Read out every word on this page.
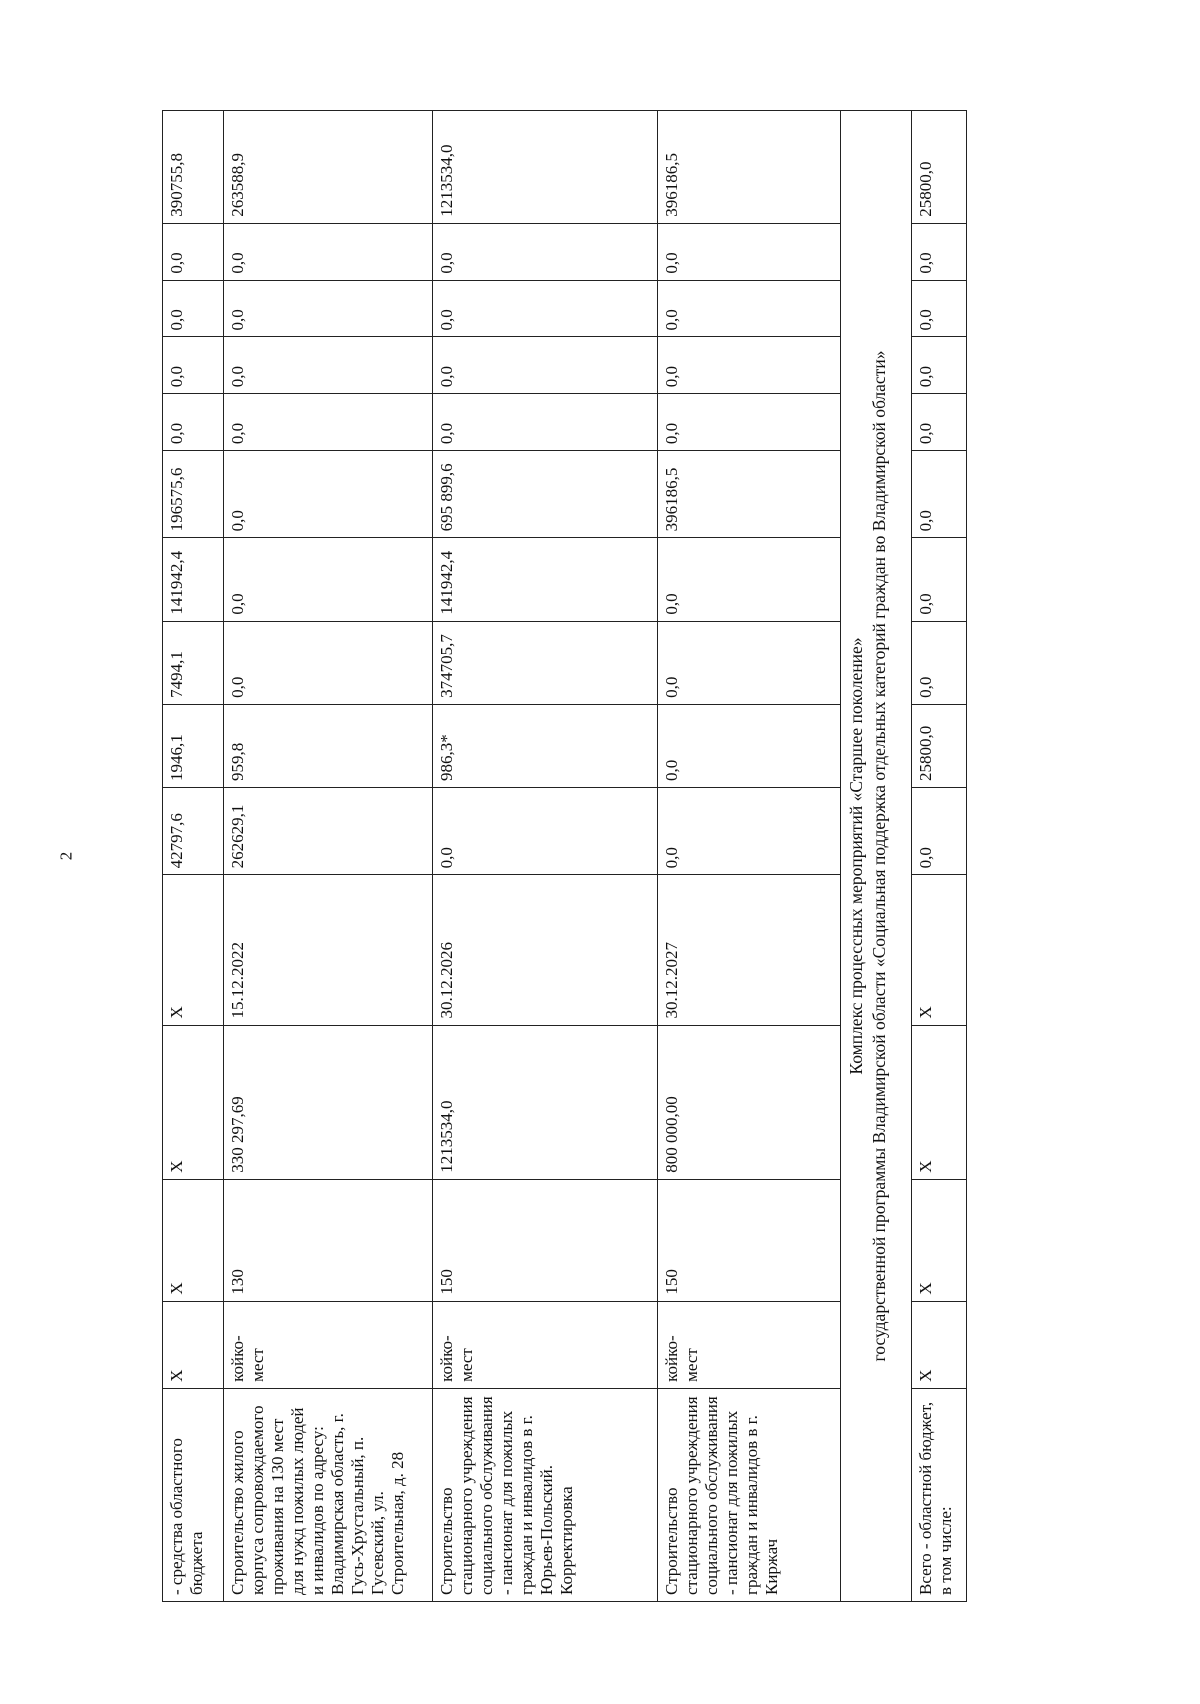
2
- средства областного бюджета	Х	Х	Х	Х	42797,6	1946,1	7494,1	141942,4	196575,6	0,0	0,0	0,0	0,0	390755,8
Строительство жилого корпуса сопровождаемого проживания на 130 мест для нужд пожилых людей и инвалидов по адресу: Владимирская область, г. Гусь-Хрустальный, п. Гусевский, ул. Строительная, д. 28	койко-мест	130	330 297,69	15.12.2022	262629,1	959,8	0,0	0,0	0,0	0,0	0,0	0,0	0,0	263588,9
Строительство стационарного учреждения социального обслуживания - пансионат для пожилых граждан и инвалидов в г. Юрьев-Польский. Корректировка	койко-мест	150	1213534,0	30.12.2026	0,0	986,3*	374705,7	141942,4	695 899,6	0,0	0,0	0,0	0,0	1213534,0
Строительство стационарного учреждения социального обслуживания - пансионат для пожилых граждан и инвалидов в г. Киржач	койко-мест	150	800 000,00	30.12.2027	0,0	0,0	0,0	0,0	396186,5	0,0	0,0	0,0	0,0	396186,5

Комплекс процессных мероприятий «Старшее поколение» государственной программы Владимирской области «Социальная поддержка отдельных категорий граждан во Владимирской области»														

Всего - областной бюджет, в том числе:	Х	Х	Х	Х	0,0	25800,0	0,0	0,0	0,0	0,0	0,0	0,0	0,0	25800,0
